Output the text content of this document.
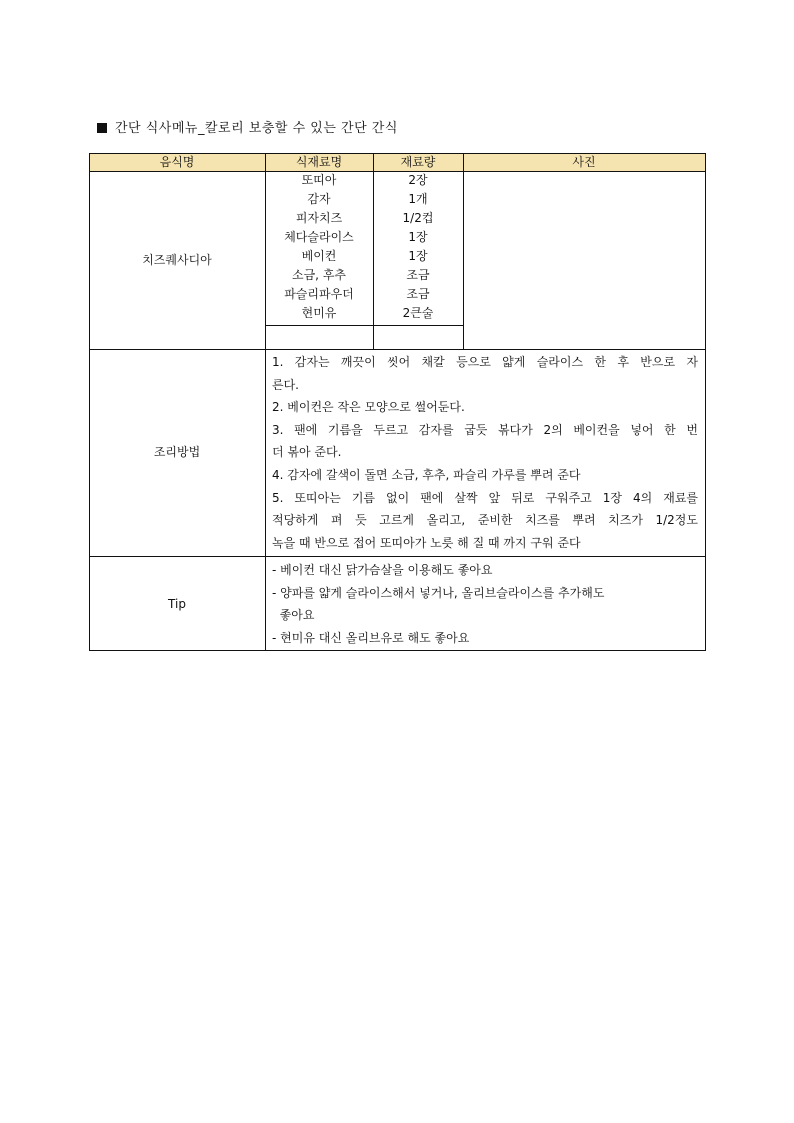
간단 식사메뉴_칼로리 보충할 수 있는 간단 간식
음식명	식재료명	재료량	사진
치즈퀘사디아
또띠아	2장
감자	1개
피자치즈	1/2컵
체다슬라이스	1장
베이컨	1장
소금, 후추	조금
파슬리파우더	조금
현미유	2큰술
조리방법
1. 감자는 깨끗이 씻어 채칼 등으로 얇게 슬라이스 한 후 반으로 자
른다.
2. 베이컨은 작은 모양으로 썰어둔다.
3. 팬에 기름을 두르고 감자를 굽듯 볶다가 2의 베이컨을 넣어 한 번
더 볶아 준다.
4. 감자에 갈색이 돌면 소금, 후추, 파슬리 가루를 뿌려 준다
5. 또띠아는 기름 없이 팬에 살짝 앞 뒤로 구워주고 1장 4의 재료를
적당하게 펴 듯 고르게 올리고, 준비한 치즈를 뿌려 치즈가 1/2정도
녹을 때 반으로 접어 또띠아가 노릇 해 질 때 까지 구워 준다
Tip
- 베이컨 대신 닭가슴살을 이용해도 좋아요
- 양파를 얇게 슬라이스해서 넣거나, 올리브슬라이스를 추가해도
좋아요
- 현미유 대신 올리브유로 해도 좋아요
